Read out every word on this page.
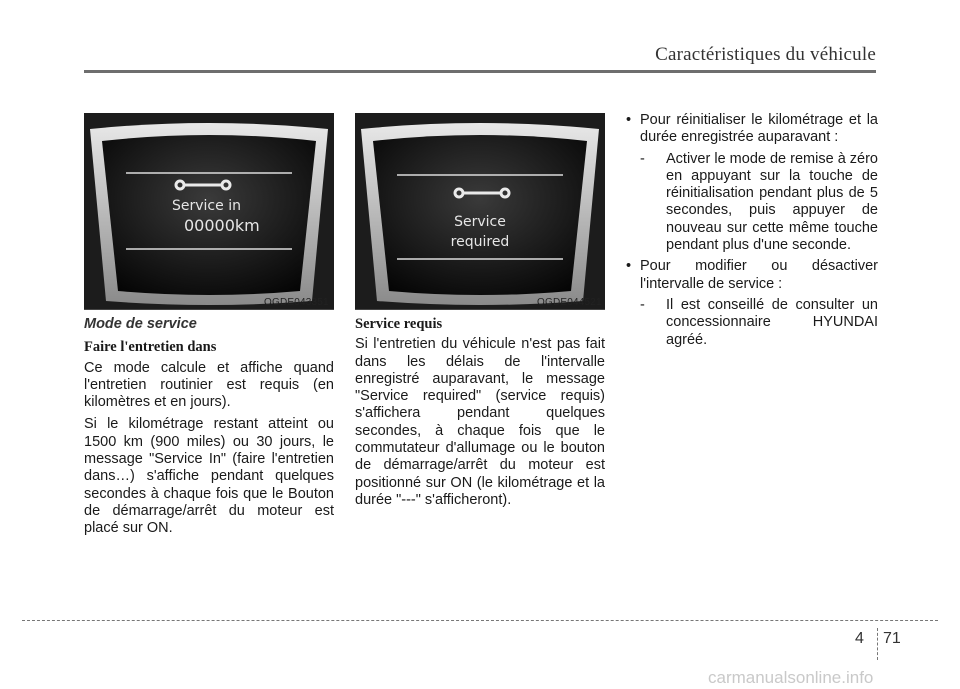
Caractéristiques du véhicule
Service in
00000km
OGDE043351
Service
required
OGDE044521
Mode de service
Faire l'entretien dans

Ce mode calcule et affiche quand l'entretien routinier est requis (en kilomètres et en jours).

Si le kilométrage restant atteint ou 1500 km (900 miles) ou 30 jours, le message "Service In" (faire l'entretien dans…) s'affiche pendant quelques secondes à chaque fois que le Bouton de démarrage/arrêt du moteur est placé sur ON.

Service requis

Si l'entretien du véhicule n'est pas fait dans les délais de l'intervalle enregistré auparavant, le message "Service required" (service requis) s'affichera pendant quelques secondes, à chaque fois que le commutateur d'allumage ou le bouton de démarrage/arrêt du moteur est positionné sur ON (le kilométrage et la durée "---" s'afficheront).

• Pour réinitialiser le kilométrage et la durée enregistrée auparavant :
- Activer le mode de remise à zéro en appuyant sur la touche de réinitialisation pendant plus de 5 secondes, puis appuyer de nouveau sur cette même touche pendant plus d'une seconde.
• Pour modifier ou désactiver l'intervalle de service :
- Il est conseillé de consulter un concessionnaire HYUNDAI agréé.
4 71
carmanualsonline.info
